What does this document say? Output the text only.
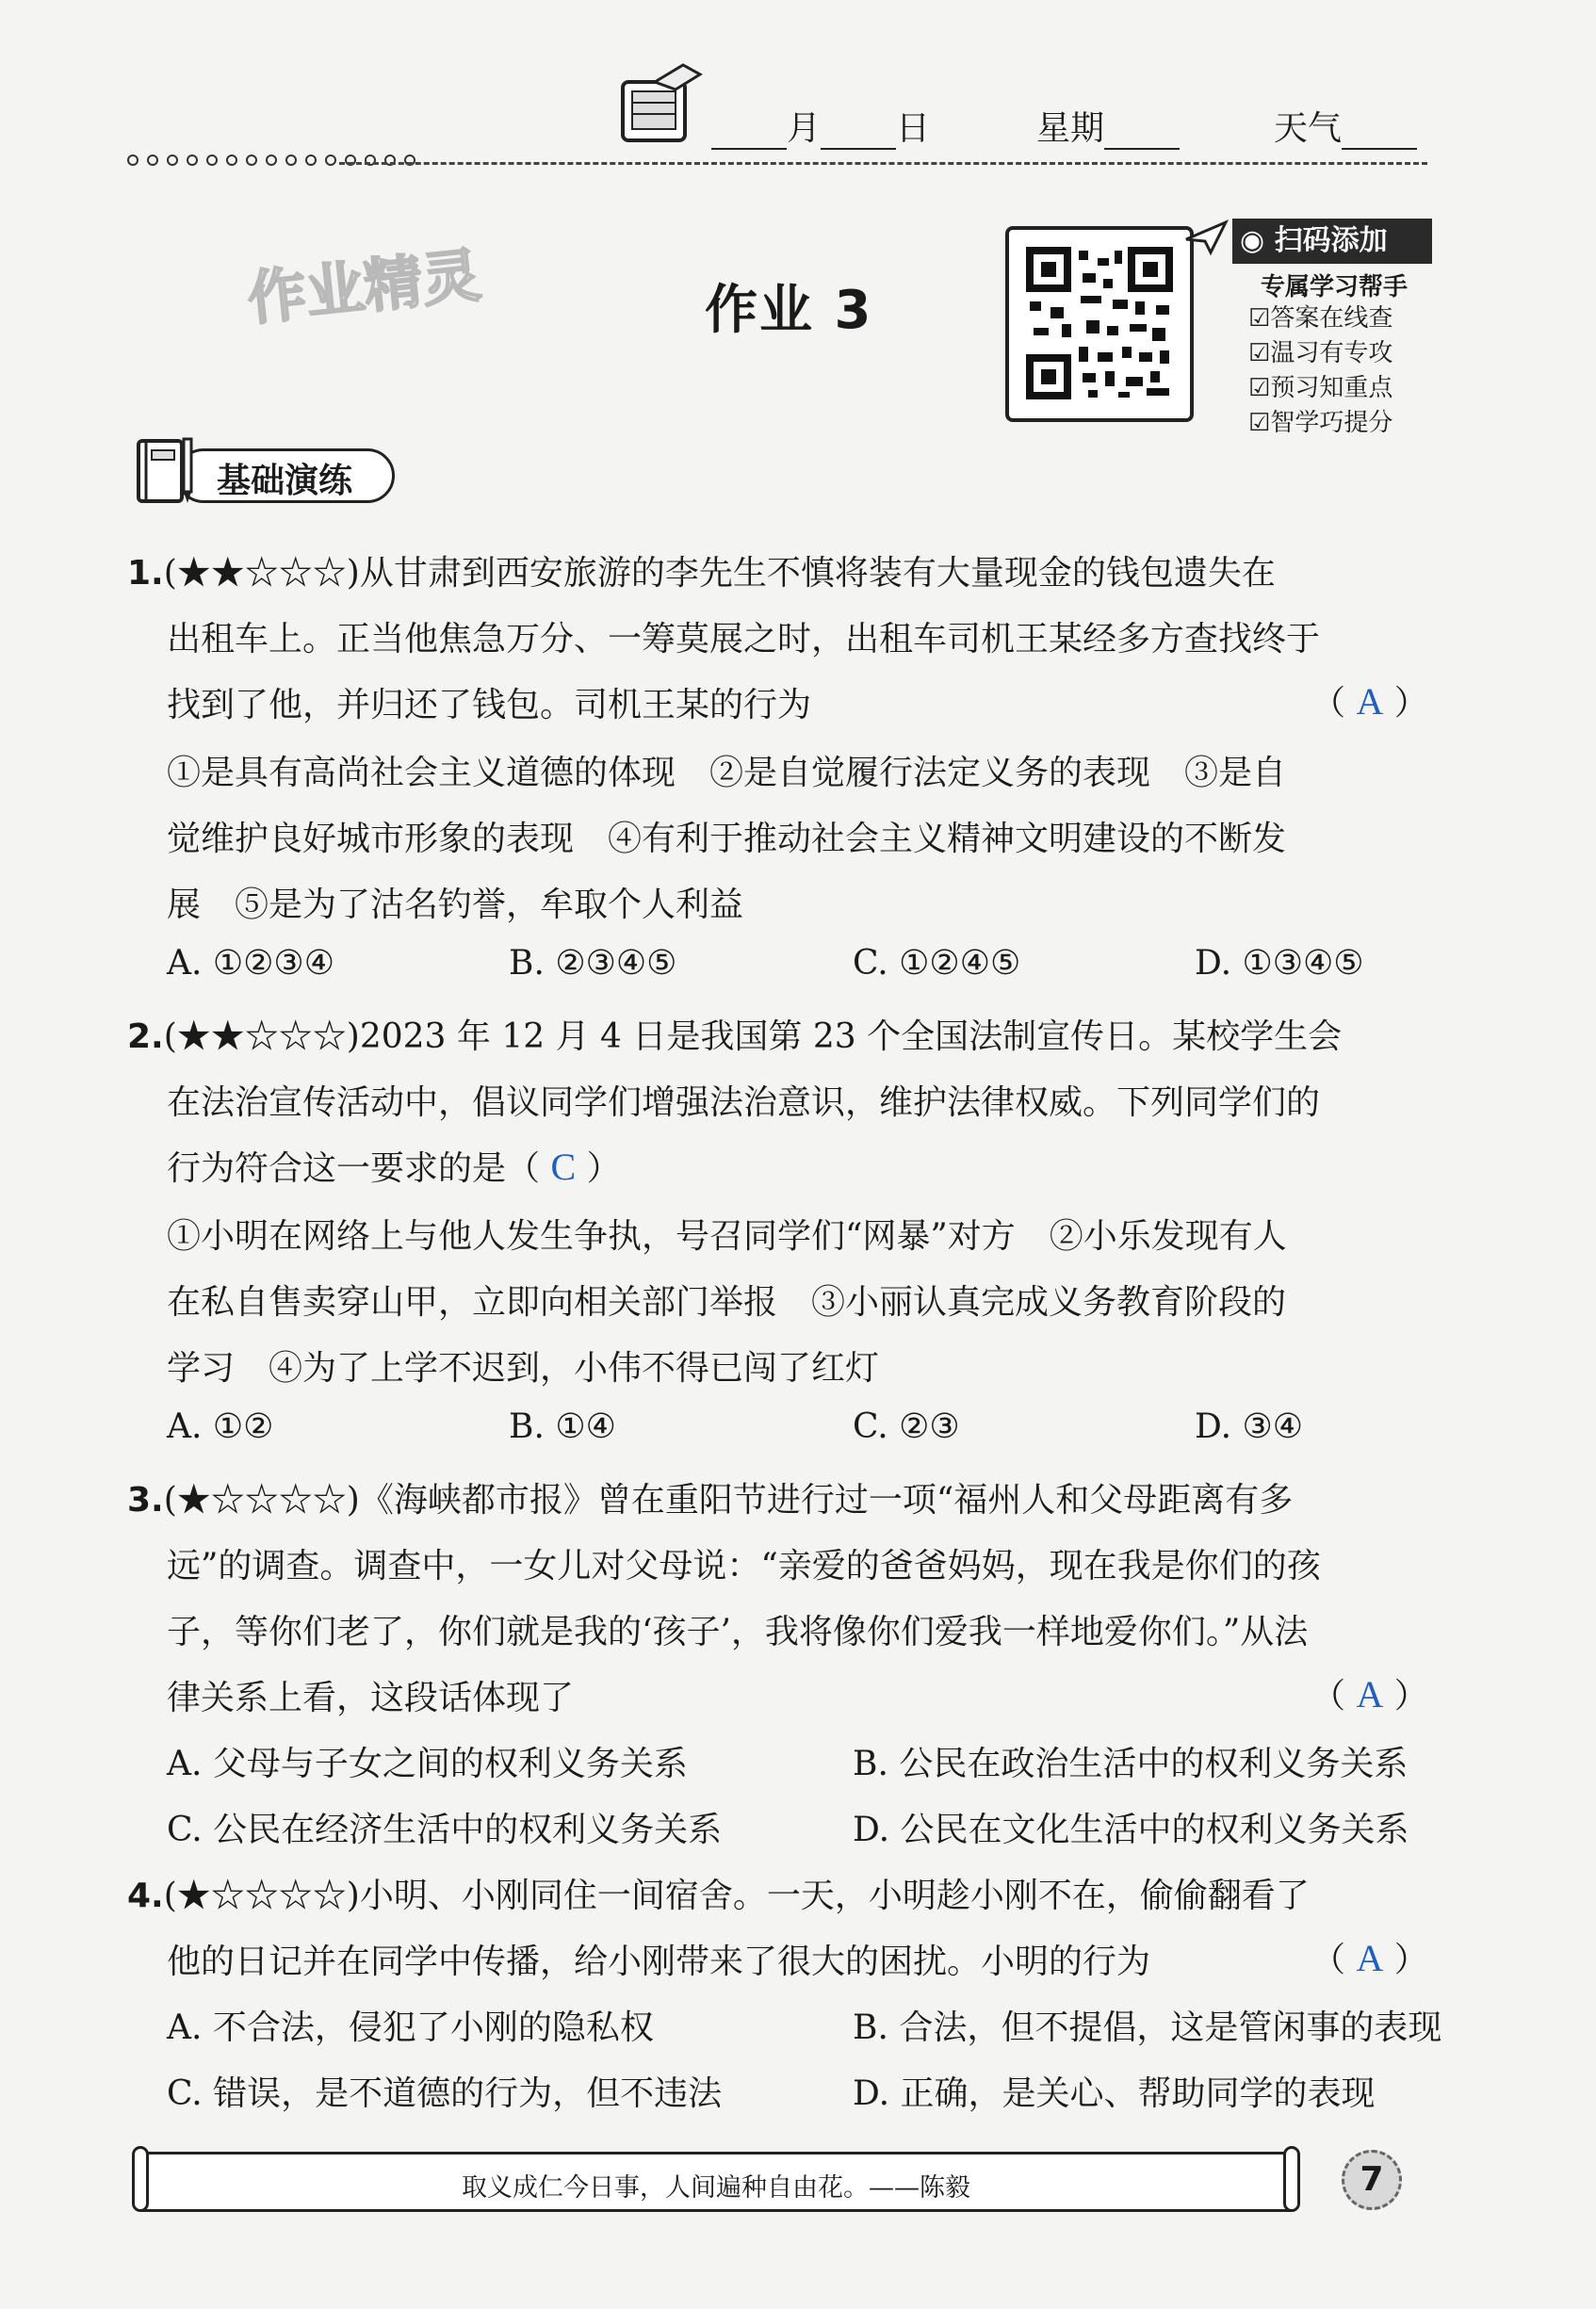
月 日	星期	天气
作业精灵	作业 3
◉ 扫码添加
专属学习帮手
☑ 答案在线查
☑ 温习有专攻
☑ 预习知重点
☑ 智学巧提分
基础演练
1.(★★☆☆☆)从甘肃到西安旅游的李先生不慎将装有大量现金的钱包遗失在
出租车上。正当他焦急万分、一筹莫展之时，出租车司机王某经多方查找终于
找到了他，并归还了钱包。司机王某的行为	（ A ）
①是具有高尚社会主义道德的体现　②是自觉履行法定义务的表现　③是自
觉维护良好城市形象的表现　④有利于推动社会主义精神文明建设的不断发
展　⑤是为了沽名钓誉，牟取个人利益
A. ①②③④	B. ②③④⑤	C. ①②④⑤	D. ①③④⑤
2.(★★☆☆☆)2023 年 12 月 4 日是我国第 23 个全国法制宣传日。某校学生会
在法治宣传活动中，倡议同学们增强法治意识，维护法律权威。下列同学们的
行为符合这一要求的是（ C ）
①小明在网络上与他人发生争执，号召同学们“网暴”对方　②小乐发现有人
在私自售卖穿山甲，立即向相关部门举报　③小丽认真完成义务教育阶段的
学习　④为了上学不迟到，小伟不得已闯了红灯
A. ①②	B. ①④	C. ②③	D. ③④
3.(★☆☆☆☆)《海峡都市报》曾在重阳节进行过一项“福州人和父母距离有多
远”的调查。调查中，一女儿对父母说：“亲爱的爸爸妈妈，现在我是你们的孩
子，等你们老了，你们就是我的‘孩子’，我将像你们爱我一样地爱你们。”从法
律关系上看，这段话体现了	（ A ）
A. 父母与子女之间的权利义务关系	B. 公民在政治生活中的权利义务关系
C. 公民在经济生活中的权利义务关系	D. 公民在文化生活中的权利义务关系
4.(★☆☆☆☆)小明、小刚同住一间宿舍。一天，小明趁小刚不在，偷偷翻看了
他的日记并在同学中传播，给小刚带来了很大的困扰。小明的行为	（ A ）
A. 不合法，侵犯了小刚的隐私权	B. 合法，但不提倡，这是管闲事的表现
C. 错误，是不道德的行为，但不违法	D. 正确，是关心、帮助同学的表现
取义成仁今日事，人间遍种自由花。——陈毅	7
